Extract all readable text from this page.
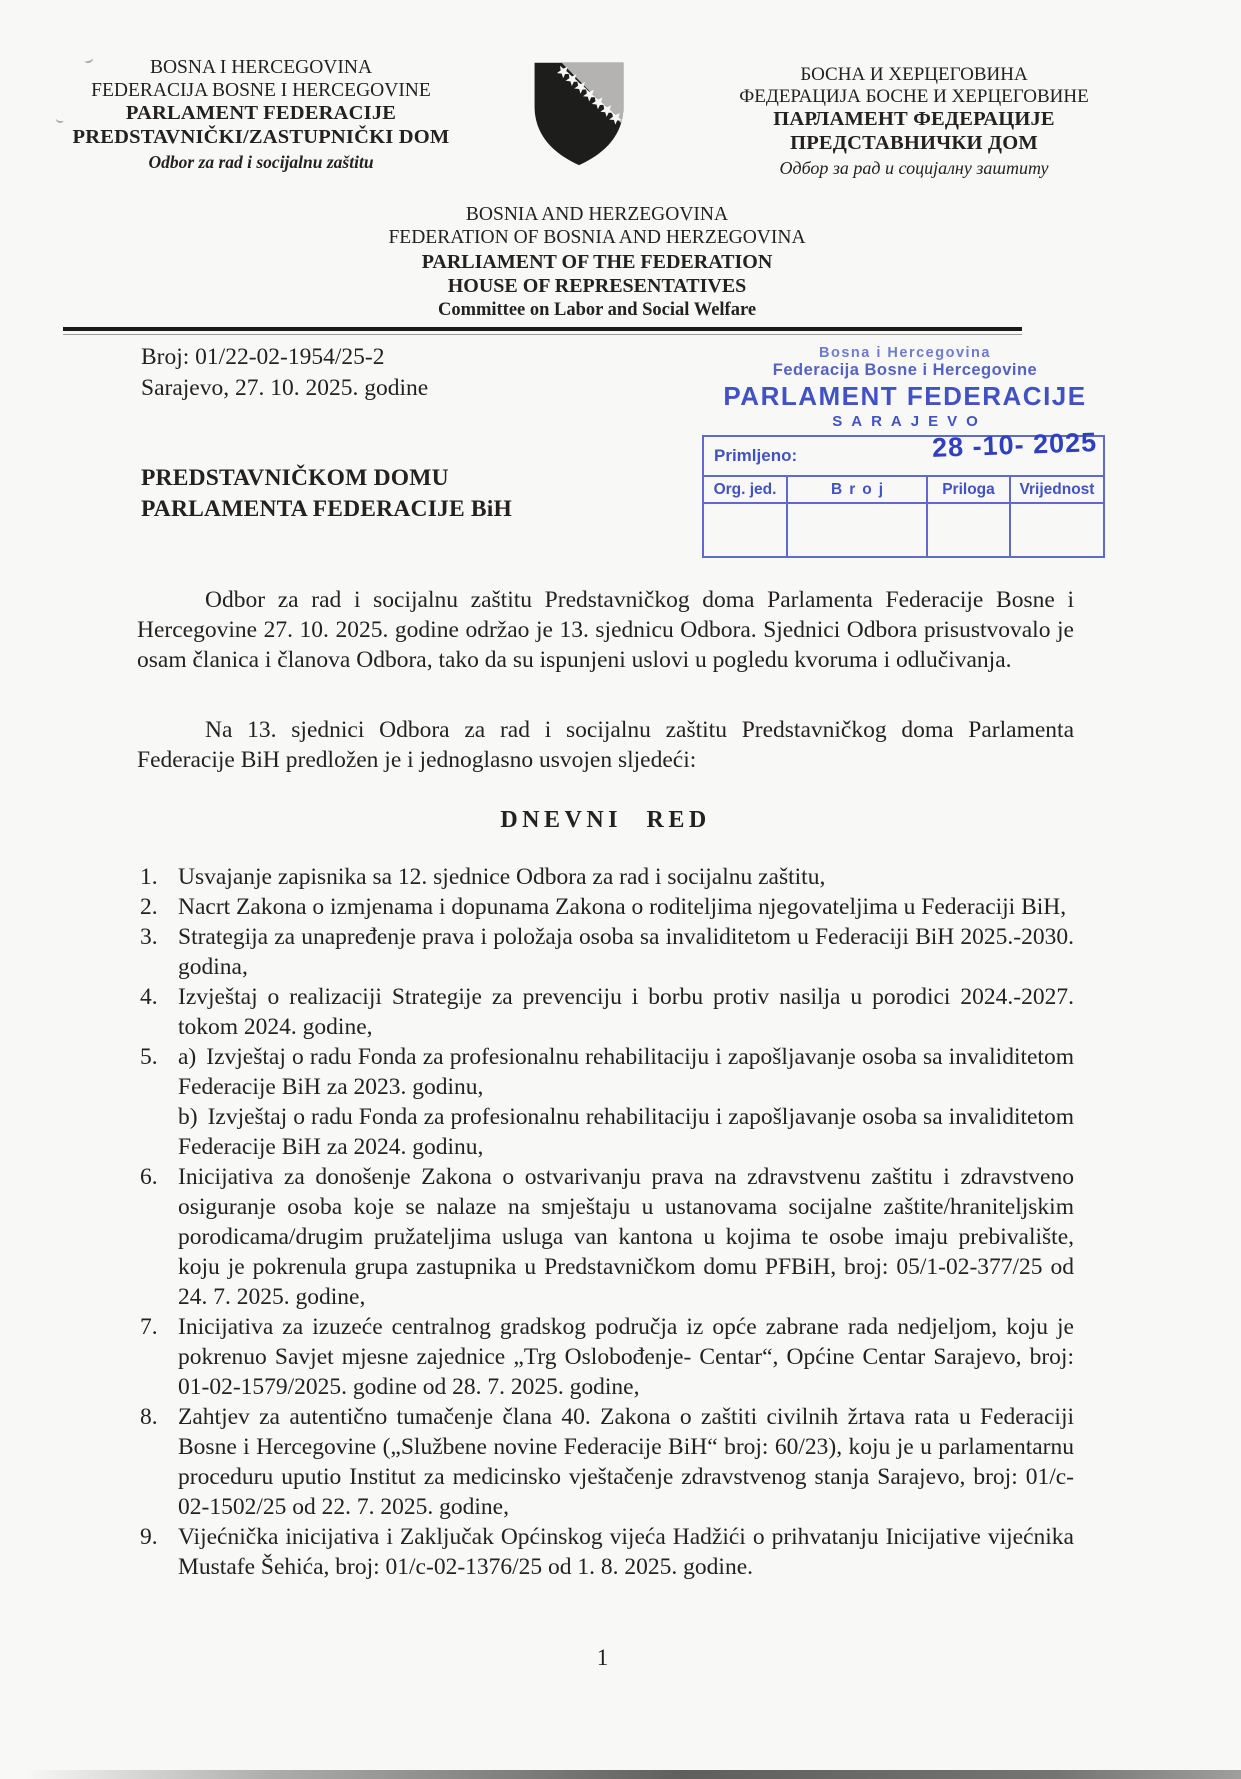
BOSNA I HERCEGOVINA
FEDERACIJA BOSNE I HERCEGOVINE
PARLAMENT FEDERACIJE
PREDSTAVNIČKI/ZASTUPNIČKI DOM
Odbor za rad i socijalnu zaštitu
БОСНА И ХЕРЦЕГОВИНА
ФЕДЕРАЦИЈА БОСНЕ И ХЕРЦЕГОВИНЕ
ПАРЛАМЕНТ ФЕДЕРАЦИЈЕ
ПРЕДСТАВНИЧКИ ДОМ
Одбор за рад и социјалну заштиту
BOSNIA AND HERZEGOVINA
FEDERATION OF BOSNIA AND HERZEGOVINA
PARLIAMENT OF THE FEDERATION
HOUSE OF REPRESENTATIVES
Committee on Labor and Social Welfare
Broj: 01/22-02-1954/25-2
Sarajevo, 27. 10. 2025. godine
Bosna i Hercegovina
Federacija Bosne i Hercegovine
PARLAMENT FEDERACIJE
SARAJEVO
Primljeno:	28 -10- 2025
Org. jed.	Broj	Priloga	Vrijednost
PREDSTAVNIČKOM DOMU
PARLAMENTA FEDERACIJE BiH

Odbor za rad i socijalnu zaštitu Predstavničkog doma Parlamenta Federacije Bosne i Hercegovine 27. 10. 2025. godine održao je 13. sjednicu Odbora. Sjednici Odbora prisustvovalo je osam članica i članova Odbora, tako da su ispunjeni uslovi u pogledu kvoruma i odlučivanja.

Na 13. sjednici Odbora za rad i socijalnu zaštitu Predstavničkog doma Parlamenta Federacije BiH predložen je i jednoglasno usvojen sljedeći:

DNEVNI RED
1. Usvajanje zapisnika sa 12. sjednice Odbora za rad i socijalnu zaštitu,
2. Nacrt Zakona o izmjenama i dopunama Zakona o roditeljima njegovateljima u Federaciji BiH,
3. Strategija za unapređenje prava i položaja osoba sa invaliditetom u Federaciji BiH 2025.-2030. godina,
4. Izvještaj o realizaciji Strategije za prevenciju i borbu protiv nasilja u porodici 2024.-2027. tokom 2024. godine,
5. a) Izvještaj o radu Fonda za profesionalnu rehabilitaciju i zapošljavanje osoba sa invaliditetom Federacije BiH za 2023. godinu,
b) Izvještaj o radu Fonda za profesionalnu rehabilitaciju i zapošljavanje osoba sa invaliditetom Federacije BiH za 2024. godinu,
6. Inicijativa za donošenje Zakona o ostvarivanju prava na zdravstvenu zaštitu i zdravstveno osiguranje osoba koje se nalaze na smještaju u ustanovama socijalne zaštite/hraniteljskim porodicama/drugim pružateljima usluga van kantona u kojima te osobe imaju prebivalište, koju je pokrenula grupa zastupnika u Predstavničkom domu PFBiH, broj: 05/1-02-377/25 od 24. 7. 2025. godine,
7. Inicijativa za izuzeće centralnog gradskog područja iz opće zabrane rada nedjeljom, koju je pokrenuo Savjet mjesne zajednice „Trg Oslobođenje- Centar“, Općine Centar Sarajevo, broj: 01-02-1579/2025. godine od 28. 7. 2025. godine,
8. Zahtjev za autentično tumačenje člana 40. Zakona o zaštiti civilnih žrtava rata u Federaciji Bosne i Hercegovine („Službene novine Federacije BiH“ broj: 60/23), koju je u parlamentarnu proceduru uputio Institut za medicinsko vještačenje zdravstvenog stanja Sarajevo, broj: 01/c-02-1502/25 od 22. 7. 2025. godine,
9. Vijećnička inicijativa i Zaključak Općinskog vijeća Hadžići o prihvatanju Inicijative vijećnika Mustafe Šehića, broj: 01/c-02-1376/25 od 1. 8. 2025. godine.
1
